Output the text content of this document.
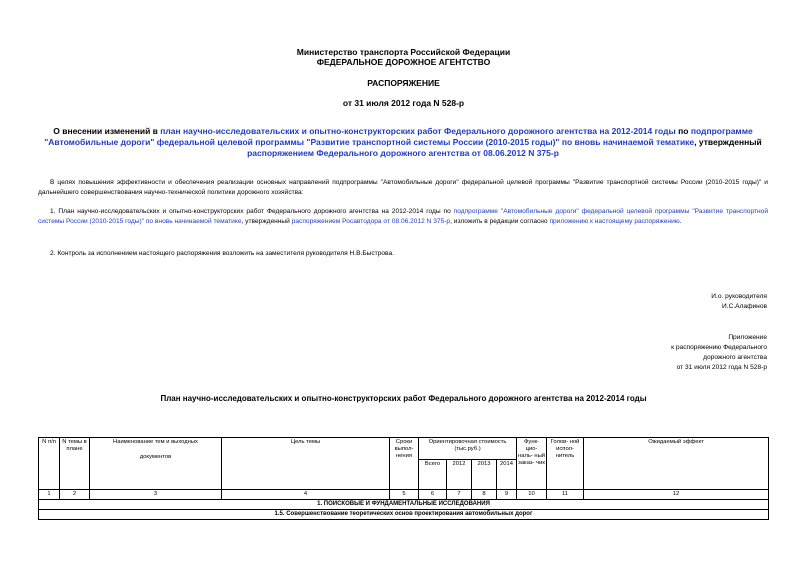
Министерство транспорта Российской Федерации
ФЕДЕРАЛЬНОЕ ДОРОЖНОЕ АГЕНТСТВО
РАСПОРЯЖЕНИЕ
от 31 июля 2012 года N 528-р
О внесении изменений в план научно-исследовательских и опытно-конструкторских работ Федерального дорожного агентства на 2012-2014 годы по подпрограмме "Автомобильные дороги" федеральной целевой программы "Развитие транспортной системы России (2010-2015 годы)" по вновь начинаемой тематике, утвержденный распоряжением Федерального дорожного агентства от 08.06.2012 N 375-р
В целях повышения эффективности и обеспечения реализации основных направлений подпрограммы "Автомобильные дороги" федеральной целевой программы "Развитие транспортной системы России (2010-2015 годы)" и дальнейшего совершенствования научно-технической политики дорожного хозяйства:
1. План научно-исследовательских и опытно-конструкторских работ Федерального дорожного агентства на 2012-2014 годы по подпрограмме "Автомобильные дороги" федеральной целевой программы "Развитие транспортной системы России (2010-2015 годы)" по вновь начинаемой тематике, утвержденный распоряжением Росавтодора от 08.06.2012 N 375-р, изложить в редакции согласно приложению к настоящему распоряжению.
2. Контроль за исполнением настоящего распоряжения возложить на заместителя руководителя Н.В.Быстрова.
И.о. руководителя
И.С.Алафинов
Приложение
к распоряжению Федерального
дорожного агентства
от 31 июля 2012 года N 528-р
План научно-исследовательских и опытно-конструкторских работ Федерального дорожного агентства на 2012-2014 годы
N п/п	N темы в плане	Наименование тем и выходных
документов	Цель темы	Сроки выпол- нения	Ориентировочная стоимость (тыс.руб.)				Функ- цио- наль- ный заказ- чик	Голов- ной испол- нитель	Ожидаемый эффект
					Всего	2012	2013	2014			
1	2	3	4	5	6	7	8	9	10	11	12
1. ПОИСКОВЫЕ И ФУНДАМЕНТАЛЬНЫЕ ИССЛЕДОВАНИЯ											
1.5. Совершенствование теоретических основ проектирования автомобильных дорог											
